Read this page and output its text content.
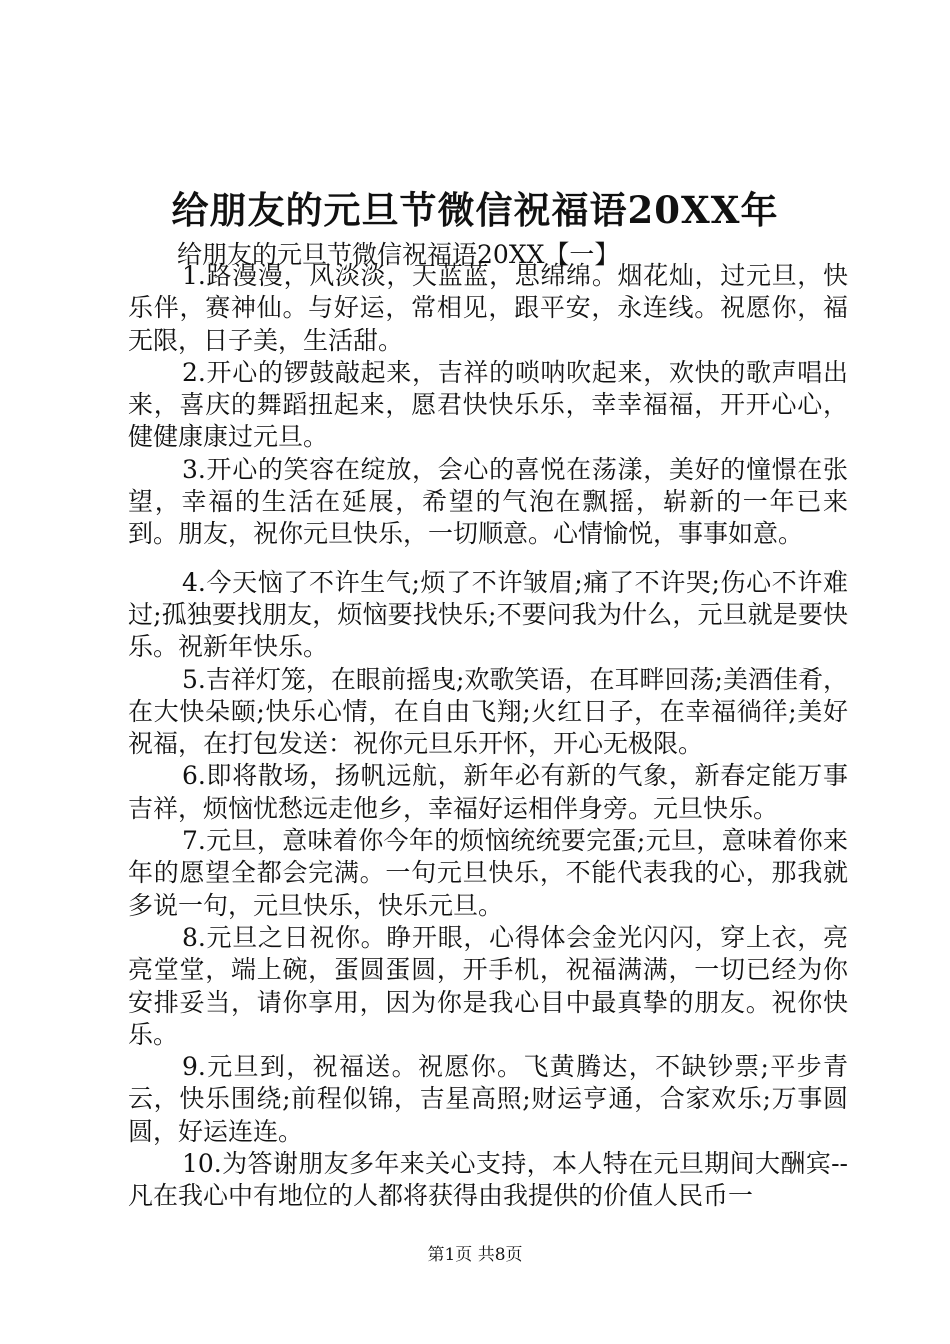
给朋友的元旦节微信祝福语20XX年
给朋友的元旦节微信祝福语20XX【一】

1.路漫漫，风淡淡，天蓝蓝，思绵绵。烟花灿，过元旦，快乐伴，赛神仙。与好运，常相见，跟平安，永连线。祝愿你，福无限，日子美，生活甜。

2.开心的锣鼓敲起来，吉祥的唢呐吹起来，欢快的歌声唱出来，喜庆的舞蹈扭起来，愿君快快乐乐，幸幸福福，开开心心，健健康康过元旦。

3.开心的笑容在绽放，会心的喜悦在荡漾，美好的憧憬在张望，幸福的生活在延展，希望的气泡在飘摇，崭新的一年已来到。朋友，祝你元旦快乐，一切顺意。心情愉悦，事事如意。

4.今天恼了不许生气;烦了不许皱眉;痛了不许哭;伤心不许难过;孤独要找朋友，烦恼要找快乐;不要问我为什么，元旦就是要快乐。祝新年快乐。

5.吉祥灯笼，在眼前摇曳;欢歌笑语，在耳畔回荡;美酒佳肴，在大快朵颐;快乐心情，在自由飞翔;火红日子，在幸福徜徉;美好祝福，在打包发送：祝你元旦乐开怀，开心无极限。

6.即将散场，扬帆远航，新年必有新的气象，新春定能万事吉祥，烦恼忧愁远走他乡，幸福好运相伴身旁。元旦快乐。

7.元旦，意味着你今年的烦恼统统要完蛋;元旦，意味着你来年的愿望全都会完满。一句元旦快乐，不能代表我的心，那我就多说一句，元旦快乐，快乐元旦。

8.元旦之日祝你。睁开眼，心得体会金光闪闪，穿上衣，亮亮堂堂，端上碗，蛋圆蛋圆，开手机，祝福满满，一切已经为你安排妥当，请你享用，因为你是我心目中最真挚的朋友。祝你快乐。

9.元旦到，祝福送。祝愿你。飞黄腾达，不缺钞票;平步青云，快乐围绕;前程似锦，吉星高照;财运亨通，合家欢乐;万事圆圆，好运连连。

10.为答谢朋友多年来关心支持，本人特在元旦期间大酬宾--凡在我心中有地位的人都将获得由我提供的价值人民币一

第1页 共8页
